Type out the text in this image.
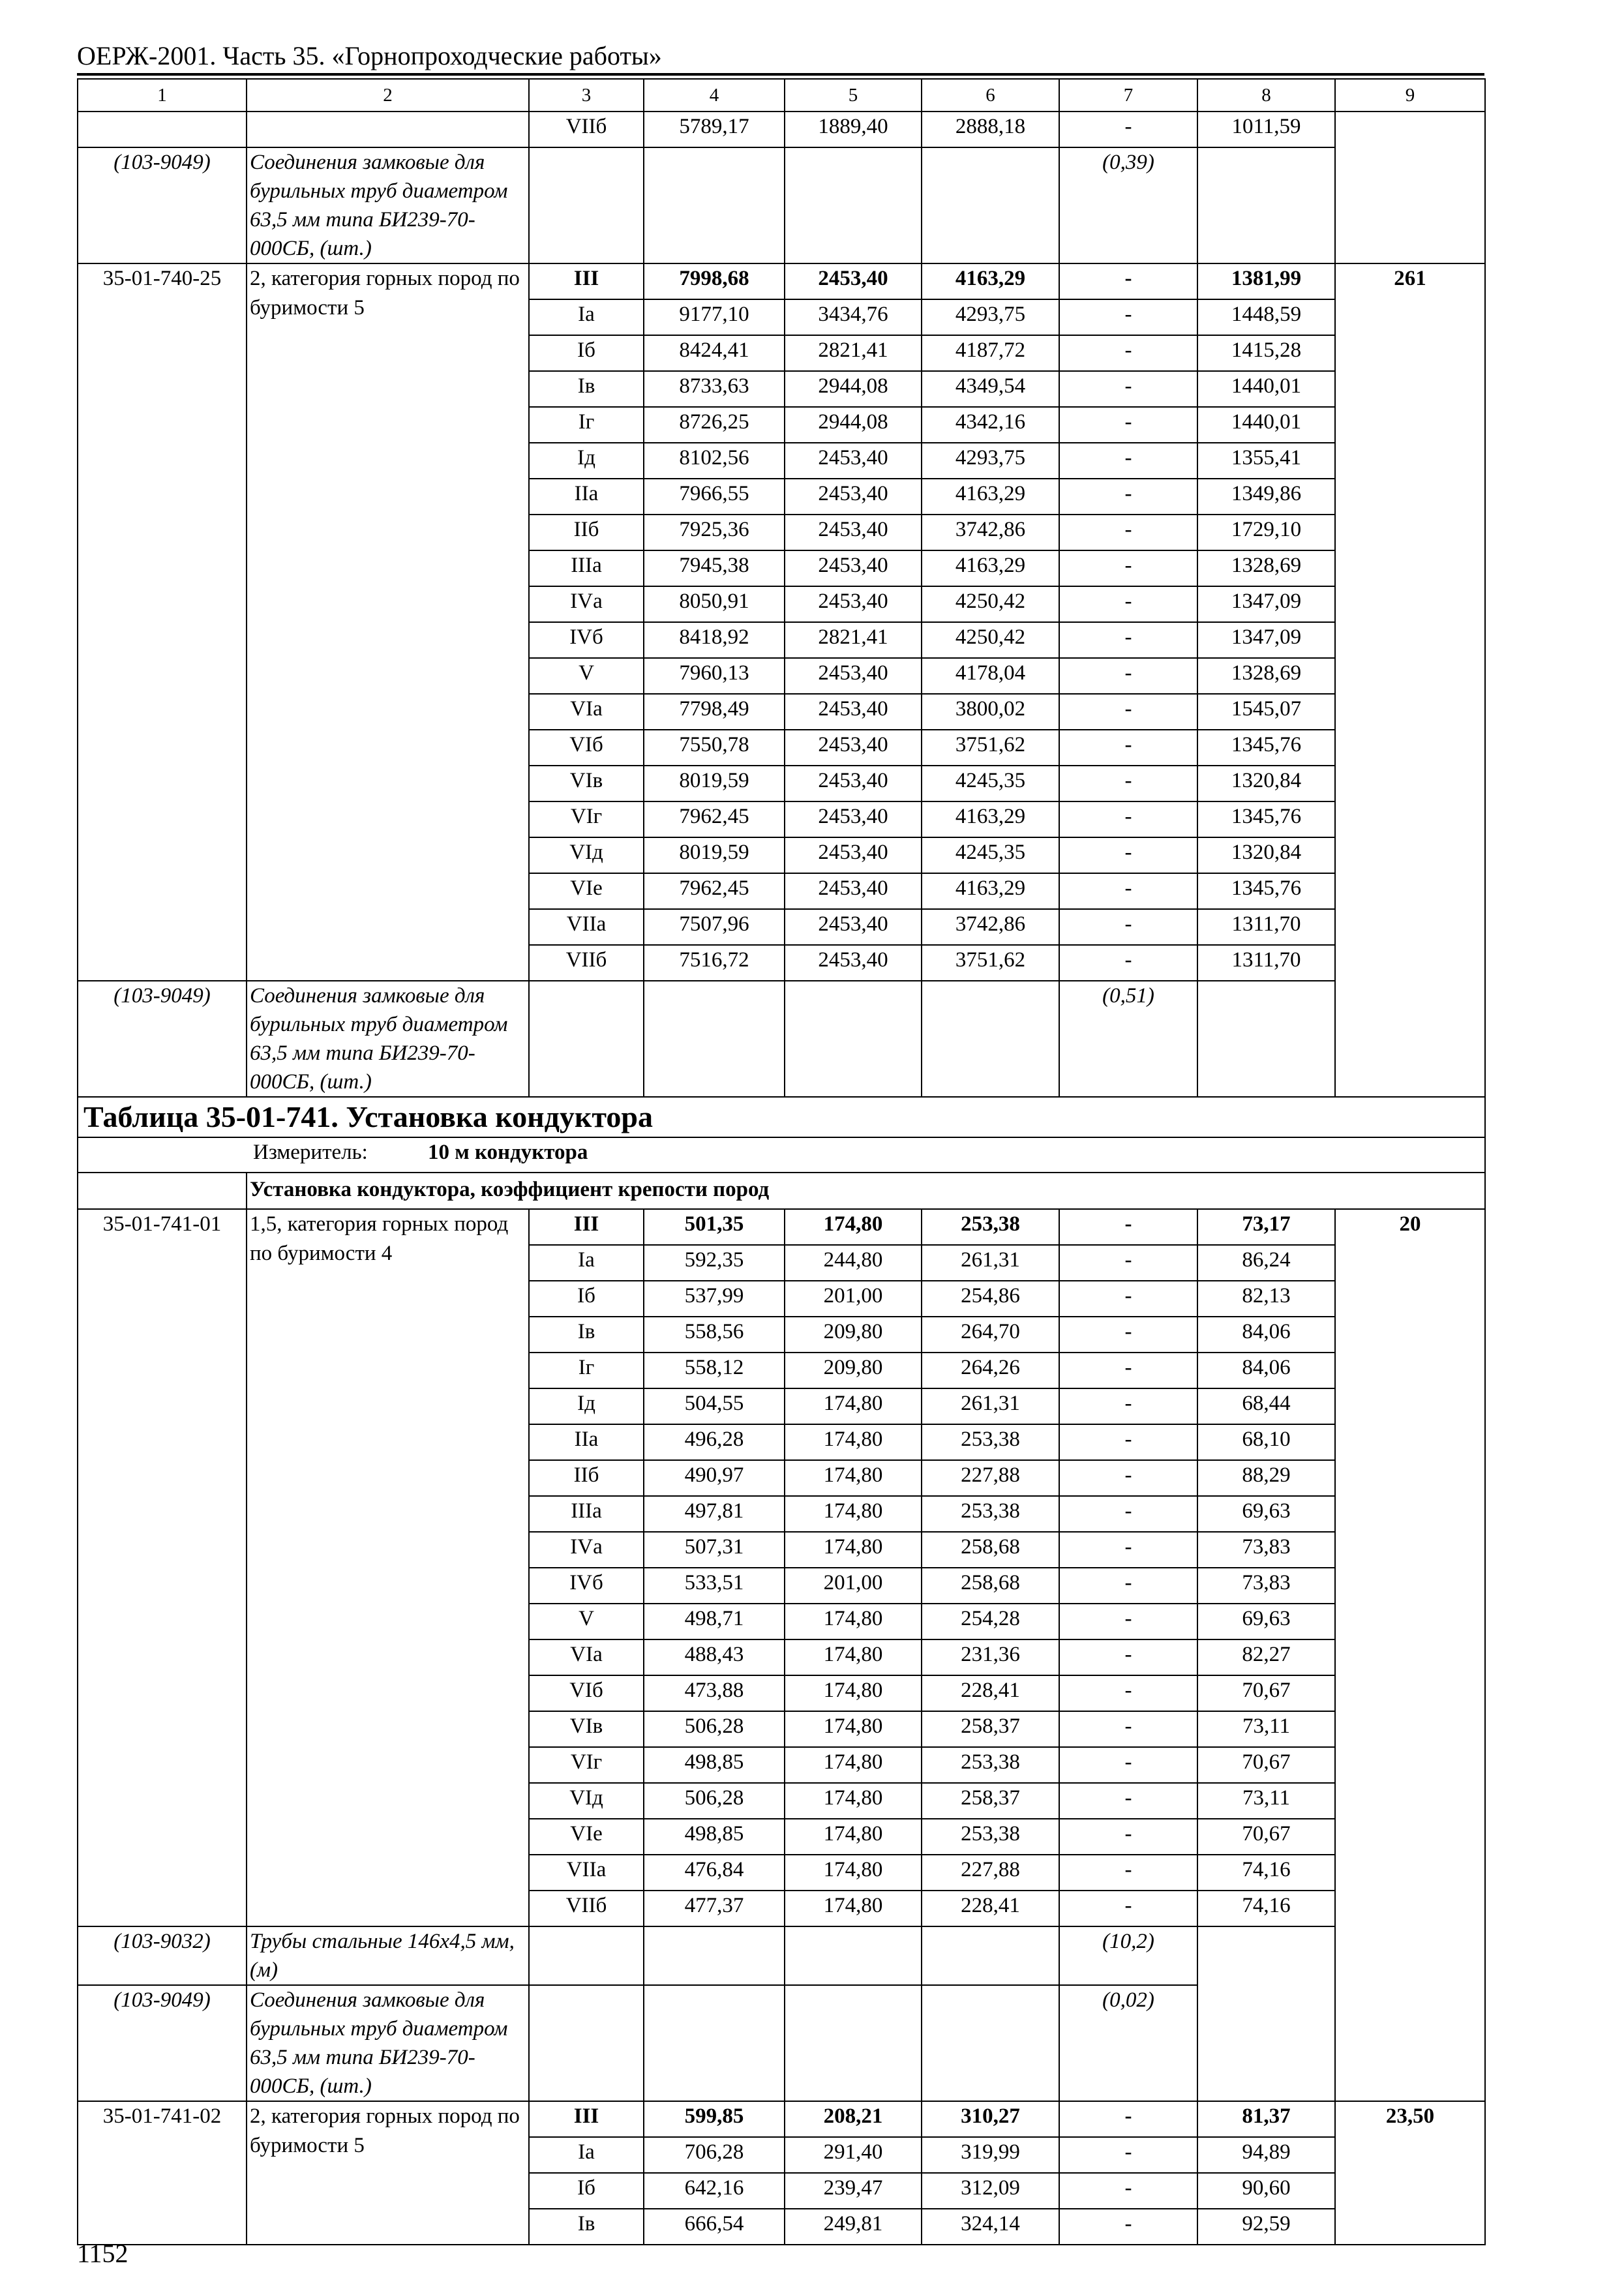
ОЕРЖ-2001. Часть 35. «Горнопроходческие работы»
1	2	3	4	5	6	7	8	9
		VIIб	5789,17	1889,40	2888,18	-	1011,59	
(103-9049)	Соединения замковые для бурильных труб диаметром 63,5 мм типа БИ239-70-000СБ, (шт.)					(0,39)		
35-01-740-25	2, категория горных пород по буримости 5	III	7998,68	2453,40	4163,29	-	1381,99	261
		Iа	9177,10	3434,76	4293,75	-	1448,59	
		Iб	8424,41	2821,41	4187,72	-	1415,28	
		Iв	8733,63	2944,08	4349,54	-	1440,01	
		Iг	8726,25	2944,08	4342,16	-	1440,01	
		Iд	8102,56	2453,40	4293,75	-	1355,41	
		IIа	7966,55	2453,40	4163,29	-	1349,86	
		IIб	7925,36	2453,40	3742,86	-	1729,10	
		IIIа	7945,38	2453,40	4163,29	-	1328,69	
		IVа	8050,91	2453,40	4250,42	-	1347,09	
		IVб	8418,92	2821,41	4250,42	-	1347,09	
		V	7960,13	2453,40	4178,04	-	1328,69	
		VIа	7798,49	2453,40	3800,02	-	1545,07	
		VIб	7550,78	2453,40	3751,62	-	1345,76	
		VIв	8019,59	2453,40	4245,35	-	1320,84	
		VIг	7962,45	2453,40	4163,29	-	1345,76	
		VIд	8019,59	2453,40	4245,35	-	1320,84	
		VIе	7962,45	2453,40	4163,29	-	1345,76	
		VIIа	7507,96	2453,40	3742,86	-	1311,70	
		VIIб	7516,72	2453,40	3751,62	-	1311,70	
(103-9049)	Соединения замковые для бурильных труб диаметром 63,5 мм типа БИ239-70-000СБ, (шт.)					(0,51)		
Таблица 35-01-741. Установка кондуктора								
Измеритель: 10 м кондуктора								
	Установка кондуктора, коэффициент крепости пород							
35-01-741-01	1,5, категория горных пород по буримости 4	III	501,35	174,80	253,38	-	73,17	20
		Iа	592,35	244,80	261,31	-	86,24	
		Iб	537,99	201,00	254,86	-	82,13	
		Iв	558,56	209,80	264,70	-	84,06	
		Iг	558,12	209,80	264,26	-	84,06	
		Iд	504,55	174,80	261,31	-	68,44	
		IIа	496,28	174,80	253,38	-	68,10	
		IIб	490,97	174,80	227,88	-	88,29	
		IIIа	497,81	174,80	253,38	-	69,63	
		IVа	507,31	174,80	258,68	-	73,83	
		IVб	533,51	201,00	258,68	-	73,83	
		V	498,71	174,80	254,28	-	69,63	
		VIа	488,43	174,80	231,36	-	82,27	
		VIб	473,88	174,80	228,41	-	70,67	
		VIв	506,28	174,80	258,37	-	73,11	
		VIг	498,85	174,80	253,38	-	70,67	
		VIд	506,28	174,80	258,37	-	73,11	
		VIе	498,85	174,80	253,38	-	70,67	
		VIIа	476,84	174,80	227,88	-	74,16	
		VIIб	477,37	174,80	228,41	-	74,16	
(103-9032)	Трубы стальные 146х4,5 мм, (м)					(10,2)		
(103-9049)	Соединения замковые для бурильных труб диаметром 63,5 мм типа БИ239-70-000СБ, (шт.)					(0,02)		
35-01-741-02	2, категория горных пород по буримости 5	III	599,85	208,21	310,27	-	81,37	23,50
		Iа	706,28	291,40	319,99	-	94,89	
		Iб	642,16	239,47	312,09	-	90,60	
		Iв	666,54	249,81	324,14	-	92,59	
1152
